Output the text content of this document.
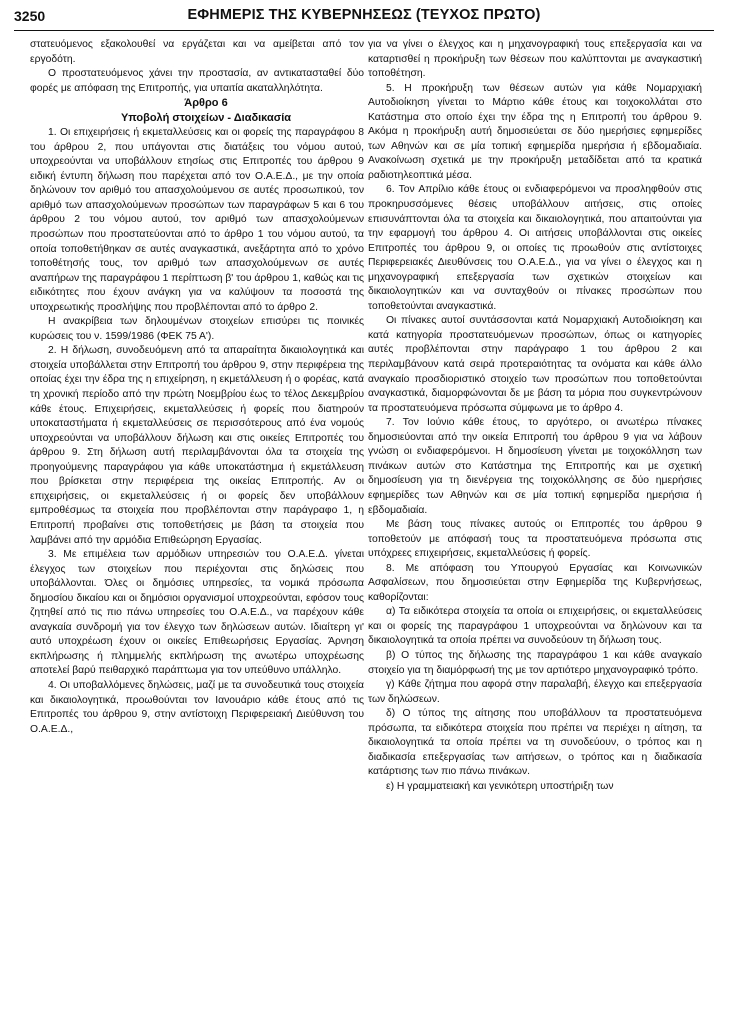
3250	ΕΦΗΜΕΡΙΣ ΤΗΣ ΚΥΒΕΡΝΗΣΕΩΣ (ΤΕΥΧΟΣ ΠΡΩΤΟ)

στατευόμενος εξακολουθεί να εργάζεται και να αμείβεται από τον εργοδότη.

Ο προστατευόμενος χάνει την προστασία, αν αντικατασταθεί δύο φορές με απόφαση της Επιτροπής, για υπαιτία ακαταλληλότητα.

Άρθρο 6

Υποβολή στοιχείων - Διαδικασία

1. Οι επιχειρήσεις ή εκμεταλλεύσεις και οι φορείς της παραγράφου 8 του άρθρου 2, που υπάγονται στις διατάξεις του νόμου αυτού, υποχρεούνται να υποβάλλουν ετησίως στις Επιτροπές του άρθρου 9 ειδική έντυπη δήλωση που παρέχεται από τον Ο.Α.Ε.Δ., με την οποία δηλώνουν τον αριθμό του απασχολούμενου σε αυτές προσωπικού, τον αριθμό των απασχολούμενων προσώπων των παραγράφων 5 και 6 του άρθρου 2 του νόμου αυτού, τον αριθμό των απασχολούμενων προσώπων που προστατεύονται από το άρθρο 1 του νόμου αυτού, τα οποία τοποθετήθηκαν σε αυτές αναγκαστικά, ανεξάρτητα από το χρόνο τοποθέτησής τους, τον αριθμό των απασχολούμενων σε αυτές αναπήρων της παραγράφου 1 περίπτωση β' του άρθρου 1, καθώς και τις ειδικότητες που έχουν ανάγκη για να καλύψουν τα ποσοστά της υποχρεωτικής προσλήψης που προβλέπονται από το άρθρο 2.

Η ανακρίβεια των δηλουμένων στοιχείων επισύρει τις ποινικές κυρώσεις του ν. 1599/1986 (ΦΕΚ 75 Α').

2. Η δήλωση, συνοδευόμενη από τα απαραίτητα δικαιολογητικά και στοιχεία υποβάλλεται στην Επιτροπή του άρθρου 9, στην περιφέρεια της οποίας έχει την έδρα της η επιχείρηση, η εκμετάλλευση ή ο φορέας, κατά τη χρονική περίοδο από την πρώτη Νοεμβρίου έως το τέλος Δεκεμβρίου κάθε έτους. Επιχειρήσεις, εκμεταλλεύσεις ή φορείς που διατηρούν υποκαταστήματα ή εκμεταλλεύσεις σε περισσότερους από ένα νομούς υποχρεούνται να υποβάλλουν δήλωση και στις οικείες Επιτροπές του άρθρου 9. Στη δήλωση αυτή περιλαμβάνονται όλα τα στοιχεία της προηγούμενης παραγράφου για κάθε υποκατάστημα ή εκμετάλλευση που βρίσκεται στην περιφέρεια της οικείας Επιτροπής. Αν οι επιχειρήσεις, οι εκμεταλλεύσεις ή οι φορείς δεν υποβάλλουν εμπροθέσμως τα στοιχεία που προβλέπονται στην παράγραφο 1, η Επιτροπή προβαίνει στις τοποθετήσεις με βάση τα στοιχεία που λαμβάνει από την αρμόδια Επιθεώρηση Εργασίας.

3. Με επιμέλεια των αρμόδιων υπηρεσιών του Ο.Α.Ε.Δ. γίνεται έλεγχος των στοιχείων που περιέχονται στις δηλώσεις που υποβάλλονται. Όλες οι δημόσιες υπηρεσίες, τα νομικά πρόσωπα δημοσίου δικαίου και οι δημόσιοι οργανισμοί υποχρεούνται, εφόσον τους ζητηθεί από τις πιο πάνω υπηρεσίες του Ο.Α.Ε.Δ., να παρέχουν κάθε αναγκαία συνδρομή για τον έλεγχο των δηλώσεων αυτών. Ιδιαίτερη γι' αυτό υποχρέωση έχουν οι οικείες Επιθεωρήσεις Εργασίας. Άρνηση εκπλήρωσης ή πλημμελής εκπλήρωση της ανωτέρω υποχρέωσης αποτελεί βαρύ πειθαρχικό παράπτωμα για τον υπεύθυνο υπάλληλο.

4. Οι υποβαλλόμενες δηλώσεις, μαζί με τα συνοδευτικά τους στοιχεία και δικαιολογητικά, προωθούνται τον Ιανουάριο κάθε έτους από τις Επιτροπές του άρθρου 9, στην αντίστοιχη Περιφερειακή Διεύθυνση του Ο.Α.Ε.Δ.,

για να γίνει ο έλεγχος και η μηχανογραφική τους επεξεργασία και να καταρτισθεί η προκήρυξη των θέσεων που καλύπτονται με αναγκαστική τοποθέτηση.

5. Η προκήρυξη των θέσεων αυτών για κάθε Νομαρχιακή Αυτοδιοίκηση γίνεται το Μάρτιο κάθε έτους και τοιχοκολλάται στο Κατάστημα στο οποίο έχει την έδρα της η Επιτροπή του άρθρου 9. Ακόμα η προκήρυξη αυτή δημοσιεύεται σε δύο ημερήσιες εφημερίδες των Αθηνών και σε μία τοπική εφημερίδα ημερήσια ή εβδομαδιαία. Ανακοίνωση σχετικά με την προκήρυξη μεταδίδεται από τα κρατικά ραδιοτηλεοπτικά μέσα.

6. Τον Απρίλιο κάθε έτους οι ενδιαφερόμενοι να προσληφθούν στις προκηρυσσόμενες θέσεις υποβάλλουν αιτήσεις, στις οποίες επισυνάπτονται όλα τα στοιχεία και δικαιολογητικά, που απαιτούνται για την εφαρμογή του άρθρου 4. Οι αιτήσεις υποβάλλονται στις οικείες Επιτροπές του άρθρου 9, οι οποίες τις προωθούν στις αντίστοιχες Περιφερειακές Διευθύνσεις του Ο.Α.Ε.Δ., για να γίνει ο έλεγχος και η μηχανογραφική επεξεργασία των σχετικών στοιχείων και δικαιολογητικών και να συνταχθούν οι πίνακες προσώπων που τοποθετούνται αναγκαστικά.

Οι πίνακες αυτοί συντάσσονται κατά Νομαρχιακή Αυτοδιοίκηση και κατά κατηγορία προστατευόμενων προσώπων, όπως οι κατηγορίες αυτές προβλέπονται στην παράγραφο 1 του άρθρου 2 και περιλαμβάνουν κατά σειρά προτεραιότητας τα ονόματα και κάθε άλλο αναγκαίο προσδιοριστικό στοιχείο των προσώπων που τοποθετούνται αναγκαστικά, διαμορφώνονται δε με βάση τα μόρια που συγκεντρώνουν τα προστατευόμενα πρόσωπα σύμφωνα με το άρθρο 4.

7. Τον Ιούνιο κάθε έτους, το αργότερο, οι ανωτέρω πίνακες δημοσιεύονται από την οικεία Επιτροπή του άρθρου 9 για να λάβουν γνώση οι ενδιαφερόμενοι. Η δημοσίευση γίνεται με τοιχοκόλληση των πινάκων αυτών στο Κατάστημα της Επιτροπής και με σχετική δημοσίευση για τη διενέργεια της τοιχοκόλλησης σε δύο ημερήσιες εφημερίδες των Αθηνών και σε μία τοπική εφημερίδα ημερήσια ή εβδομαδιαία.

Με βάση τους πίνακες αυτούς οι Επιτροπές του άρθρου 9 τοποθετούν με απόφασή τους τα προστατευόμενα πρόσωπα στις υπόχρεες επιχειρήσεις, εκμεταλλεύσεις ή φορείς.

8. Με απόφαση του Υπουργού Εργασίας και Κοινωνικών Ασφαλίσεων, που δημοσιεύεται στην Εφημερίδα της Κυβερνήσεως, καθορίζονται:

α) Τα ειδικότερα στοιχεία τα οποία οι επιχειρήσεις, οι εκμεταλλεύσεις και οι φορείς της παραγράφου 1 υποχρεούνται να δηλώνουν και τα δικαιολογητικά τα οποία πρέπει να συνοδεύουν τη δήλωση τους.

β) Ο τύπος της δήλωσης της παραγράφου 1 και κάθε αναγκαίο στοιχείο για τη διαμόρφωσή της με τον αρτιότερο μηχανογραφικό τρόπο.

γ) Κάθε ζήτημα που αφορά στην παραλαβή, έλεγχο και επεξεργασία των δηλώσεων.

δ) Ο τύπος της αίτησης που υποβάλλουν τα προστατευόμενα πρόσωπα, τα ειδικότερα στοιχεία που πρέπει να περιέχει η αίτηση, τα δικαιολογητικά τα οποία πρέπει να τη συνοδεύουν, ο τρόπος και η διαδικασία επεξεργασίας των αιτήσεων, ο τρόπος και η διαδικασία κατάρτισης των πιο πάνω πινάκων.

ε) Η γραμματειακή και γενικότερη υποστήριξη των
